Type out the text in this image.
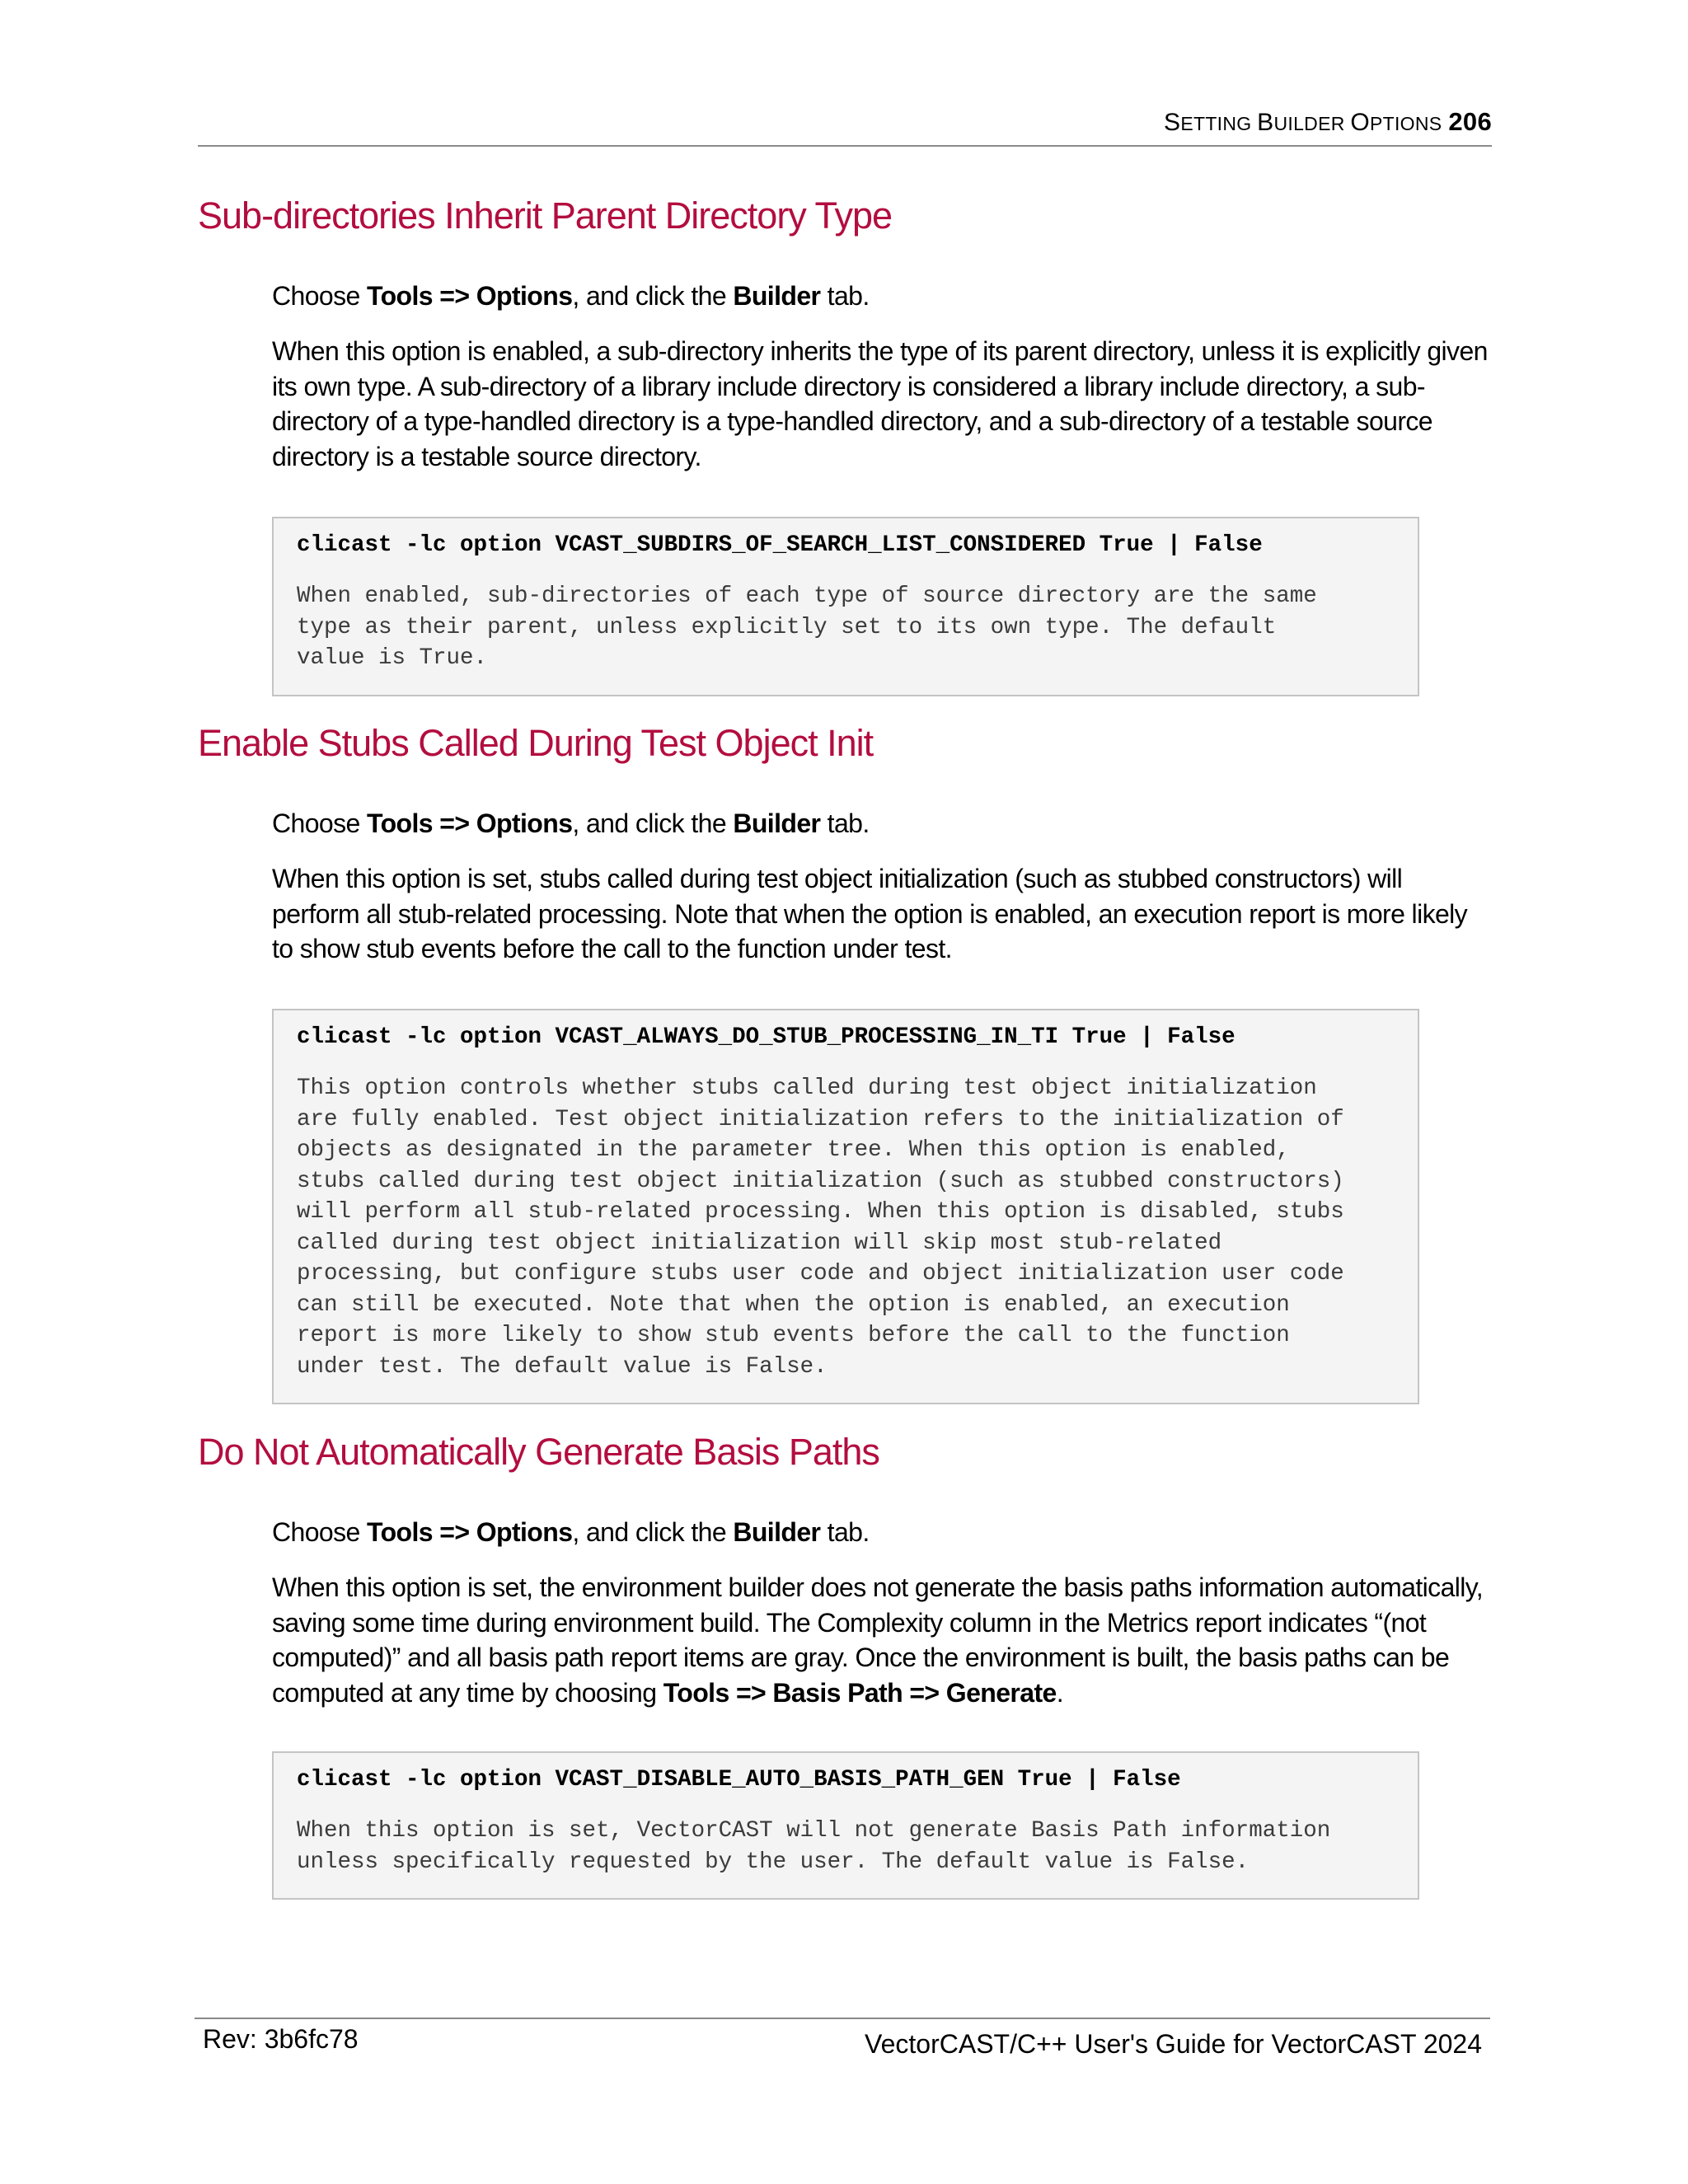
SETTING BUILDER OPTIONS 206
Sub-directories Inherit Parent Directory Type

Choose Tools => Options, and click the Builder tab.

When this option is enabled, a sub-directory inherits the type of its parent directory, unless it is explicitly given its own type. A sub-directory of a library include directory is considered a library include directory, a sub-directory of a type-handled directory is a type-handled directory, and a sub-directory of a testable source directory is a testable source directory.

clicast -lc option VCAST_SUBDIRS_OF_SEARCH_LIST_CONSIDERED True | False

When enabled, sub-directories of each type of source directory are the same
type as their parent, unless explicitly set to its own type. The default
value is True.

Enable Stubs Called During Test Object Init

Choose Tools => Options, and click the Builder tab.

When this option is set, stubs called during test object initialization (such as stubbed constructors) will perform all stub-related processing. Note that when the option is enabled, an execution report is more likely to show stub events before the call to the function under test.

clicast -lc option VCAST_ALWAYS_DO_STUB_PROCESSING_IN_TI True | False

This option controls whether stubs called during test object initialization
are fully enabled. Test object initialization refers to the initialization of
objects as designated in the parameter tree. When this option is enabled,
stubs called during test object initialization (such as stubbed constructors)
will perform all stub-related processing. When this option is disabled, stubs
called during test object initialization will skip most stub-related
processing, but configure stubs user code and object initialization user code
can still be executed. Note that when the option is enabled, an execution
report is more likely to show stub events before the call to the function
under test. The default value is False.

Do Not Automatically Generate Basis Paths

Choose Tools => Options, and click the Builder tab.

When this option is set, the environment builder does not generate the basis paths information automatically, saving some time during environment build. The Complexity column in the Metrics report indicates “(not computed)” and all basis path report items are gray. Once the environment is built, the basis paths can be computed at any time by choosing Tools => Basis Path => Generate.

clicast -lc option VCAST_DISABLE_AUTO_BASIS_PATH_GEN True | False

When this option is set, VectorCAST will not generate Basis Path information
unless specifically requested by the user. The default value is False.

Rev: 3b6fc78	VectorCAST/C++ User's Guide for VectorCAST 2024
